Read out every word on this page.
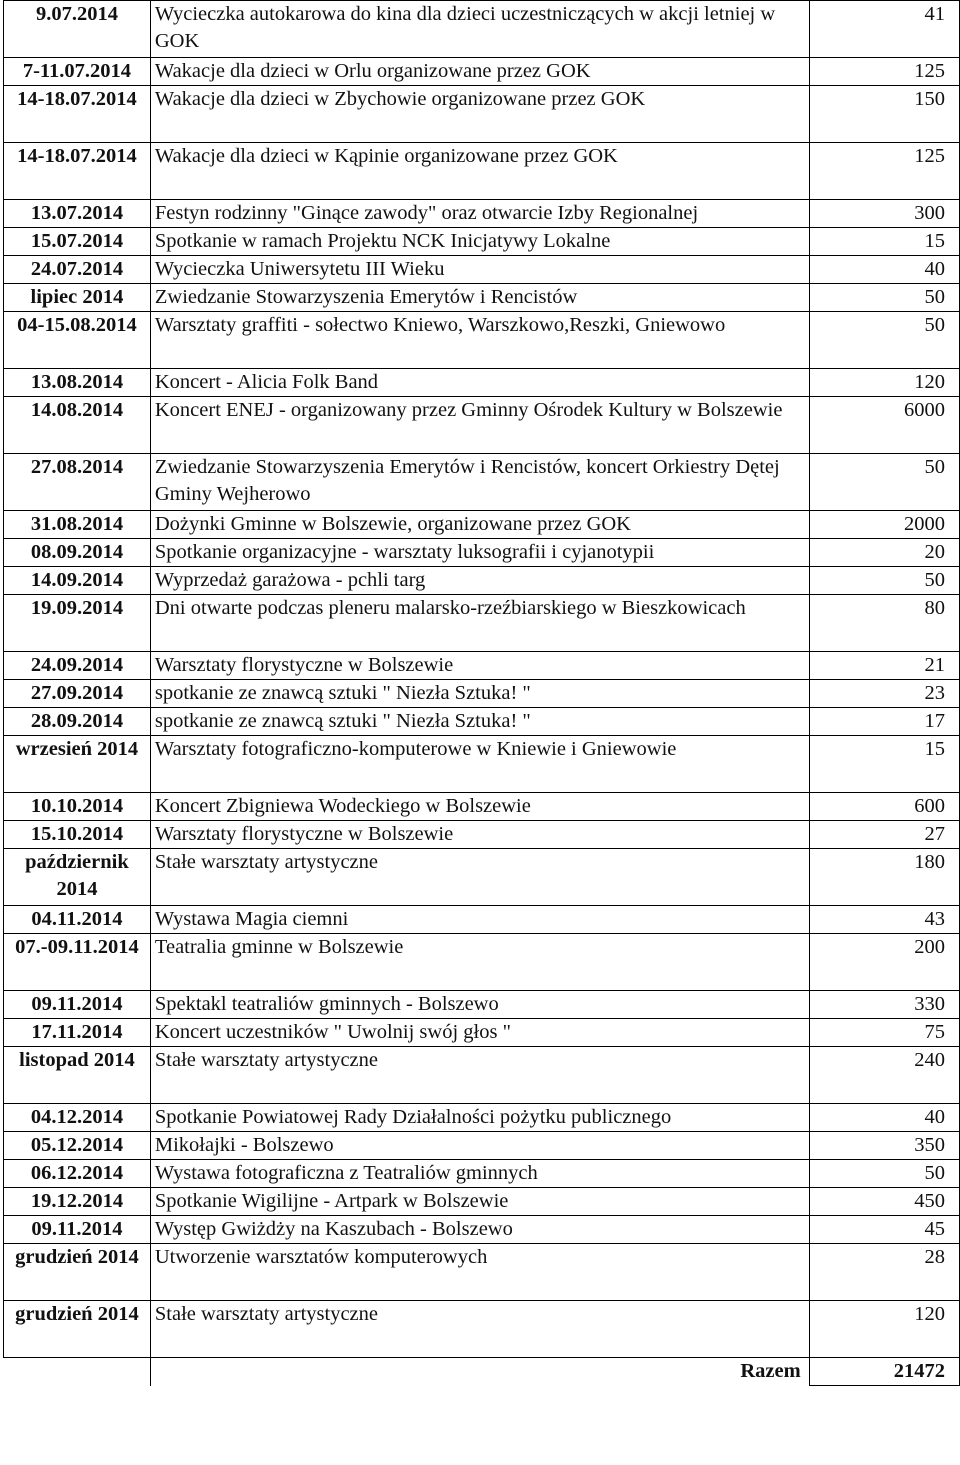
9.07.2014	Wycieczka autokarowa do kina dla dzieci uczestniczących w akcji letniej w GOK	41
7-11.07.2014	Wakacje dla dzieci w Orlu organizowane przez GOK	125
14-18.07.2014	Wakacje dla dzieci w Zbychowie organizowane przez GOK	150
14-18.07.2014	Wakacje dla dzieci w Kąpinie organizowane przez GOK	125
13.07.2014	Festyn rodzinny "Ginące zawody" oraz otwarcie Izby Regionalnej	300
15.07.2014	Spotkanie w ramach Projektu NCK Inicjatywy Lokalne	15
24.07.2014	Wycieczka Uniwersytetu III Wieku	40
lipiec 2014	Zwiedzanie Stowarzyszenia Emerytów i Rencistów	50
04-15.08.2014	Warsztaty graffiti - sołectwo Kniewo, Warszkowo,Reszki, Gniewowo	50
13.08.2014	Koncert - Alicia Folk Band	120
14.08.2014	Koncert ENEJ - organizowany przez Gminny Ośrodek Kultury w Bolszewie	6000
27.08.2014	Zwiedzanie Stowarzyszenia Emerytów i Rencistów, koncert Orkiestry Dętej Gminy Wejherowo	50
31.08.2014	Dożynki Gminne w Bolszewie, organizowane przez GOK	2000
08.09.2014	Spotkanie organizacyjne - warsztaty luksografii i cyjanotypii	20
14.09.2014	Wyprzedaż garażowa - pchli targ	50
19.09.2014	Dni otwarte podczas pleneru malarsko-rzeźbiarskiego w Bieszkowicach	80
24.09.2014	Warsztaty florystyczne w Bolszewie	21
27.09.2014	spotkanie ze znawcą sztuki " Niezła Sztuka! "	23
28.09.2014	spotkanie ze znawcą sztuki " Niezła Sztuka! "	17
wrzesień 2014	Warsztaty fotograficzno-komputerowe w Kniewie i Gniewowie	15
10.10.2014	Koncert Zbigniewa Wodeckiego w Bolszewie	600
15.10.2014	Warsztaty florystyczne w Bolszewie	27
październik 2014	Stałe warsztaty artystyczne	180
04.11.2014	Wystawa Magia ciemni	43
07.-09.11.2014	Teatralia gminne w Bolszewie	200
09.11.2014	Spektakl teatraliów gminnych - Bolszewo	330
17.11.2014	Koncert uczestników " Uwolnij swój głos "	75
listopad 2014	Stałe warsztaty artystyczne	240
04.12.2014	Spotkanie Powiatowej Rady Działalności pożytku publicznego	40
05.12.2014	Mikołajki - Bolszewo	350
06.12.2014	Wystawa fotograficzna z Teatraliów gminnych	50
19.12.2014	Spotkanie Wigilijne - Artpark w Bolszewie	450
09.11.2014	Występ Gwiżdży na Kaszubach - Bolszewo	45
grudzień 2014	Utworzenie warsztatów komputerowych	28
grudzień 2014	Stałe warsztaty artystyczne	120
	Razem	21472
